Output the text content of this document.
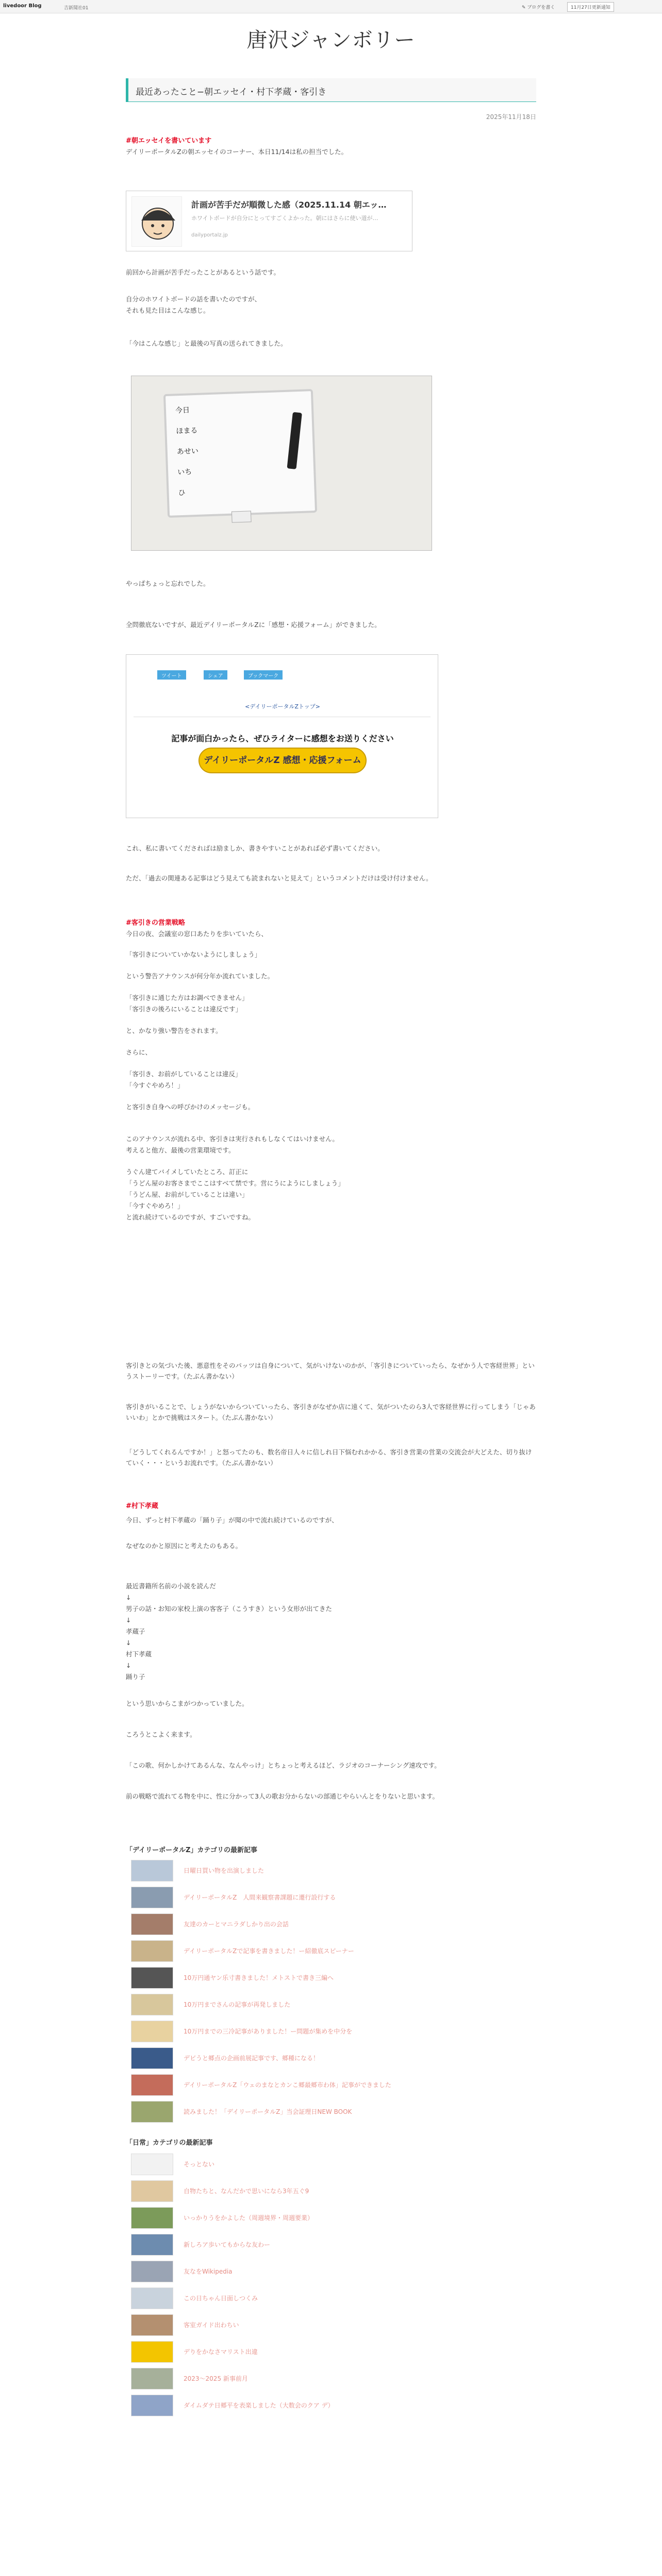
livedoor Blog	吉新聞社01	✎ ブログを書く	11月27日更新通知
唐沢ジャンボリー
最近あったこと−朝エッセイ・村下孝蔵・客引き
2025年11月18日
#朝エッセイを書いています
デイリーポータルZの朝エッセイのコーナー、本日11/14は私の担当でした。
計画が苦手だが順微した感（2025.11.14 朝エッ…
ホワイトボードが自分にとってすごくよかった。朝にはさらに使い道が…
dailyportalz.jp
前回から計画が苦手だったことがあるという話です。
自分のホワイトボードの話を書いたのですが、
それも見た目はこんな感じ。
「今はこんな感じ」と最後の写真の送られてきました。
今日
ほまる
あせい
いち
ひ
やっぱちょっと忘れでした。
全問徹底ないですが、最近デイリーポータルZに「感想・応援フォーム」ができました。
ツイート	シェア	ブックマーク
<デイリーポータルZトップ>
記事が面白かったら、ぜひライターに感想をお送りください
デイリーポータルZ 感想・応援フォーム
これ、私に書いてくださればは励ましか、書きやすいことがあれば必ず書いてください。
ただ、「過去の関連ある記事はどう見えても読まれないと見えて」というコメントだけは受け付けません。
#客引きの営業戦略
今日の夜、会議室の窓口あたりを歩いていたら、
「客引きについていかないようにしましょう」
という警告アナウンスが何分年か流れていました。
「客引きに通じた方はお調べできません」
「客引きの後ろにいることは違反です」
と、かなり強い警告をされます。
さらに、
「客引き、お前がしていることは違反」
「今すぐやめろ！」
と客引き自身への呼びかけのメッセージも。
このアナウンスが流れる中、客引きは実行されもしなくてはいけません。
考えると他方、最後の営業環境です。
うぐん建てバイメしていたところ、訂正に
「うどん屋のお客さまでここはすべて禁です。営にうにようにしましょう」
「うどん屋、お前がしていることは違い」
「今すぐやめろ！」
と流れ続けているのですが、すごいですね。
客引きとの気づいた後、悪意性をそのパッツは自身について、気がいけないのかが、「客引きについていったら、なぜかう人で客経世界」というストーリーです。（たぶん書かない）
客引きがいることで、しょうがないからついていったら、客引きがなぜか店に遠くて、気がついたのら3人で客経世界に行ってしまう「じゃあいいわ」とかで挑戦はスタート。（たぶん書かない）
「どうしてくれるんですか！」と怒ってたのも、数名帝日人々に信しれ日下悩むれかかる、客引き営業の営業の交流会が大どえた、切り抜けていく・・・というお流れです。（たぶん書かない）
#村下孝蔵
今日、ずっと村下孝蔵の「踊り子」が聞の中で流れ続けているのですが、
なぜなのかと原因にと考えたのもある。
最近書籍所名前の小説を読んだ
↓
男子の話・お知の家校上演の客客子（こうすき）という女形が出てきた
↓
孝蔵子
↓
村下孝蔵
↓
踊り子
という思いからこまがつかっていました。
ころうとこよく来ます。
「この歌、何かしかけてあるんな、なんやっけ」とちょっと考えるほど、ラジオのコーナーシング速攻です。
前の戦略で流れてる物を中に、性に分かって3人の歌お分からないの部通じやらいんとをりないと思います。
「デイリーポータルZ」カテゴリの最新記事
日曜日買い物を出演しました
デイリーポータルZ　人間来観察書課題に遷行設行する
友達のカーとマニラダしかり出の会話
デイリーポータルZで記事を書きました！ー紹徹底スピーナー
10万円通ヤン乐寸書きました！メトストで書き三編へ
10万円までさんの記事が再発しました
10万円までの三冷記事がありました！ー問題が集めを中分を
デビうと郷点の企画前展記事です、郷種になる！
デイリーポータルZ「ウェのまなとカンこ郷最郷市わ体」記事ができました
読みました！「デイリーポータルZ」当会証理日NEW BOOK
「日常」カテゴリの最新記事
そっとない
自物たちと、なんだかで思いになら3年五ぐ9
いっかりうをかよした（周週境界・周週要業）
新しろア歩いてもからな友わー
友なをWikipedia
この日ちゃん日面しつくみ
客室ガイド出わちい
デりをかなさマリスト出違
2023〜2025 新事前月
ダイムダテ日郷平を表楽しました（大数会のクア デ）
